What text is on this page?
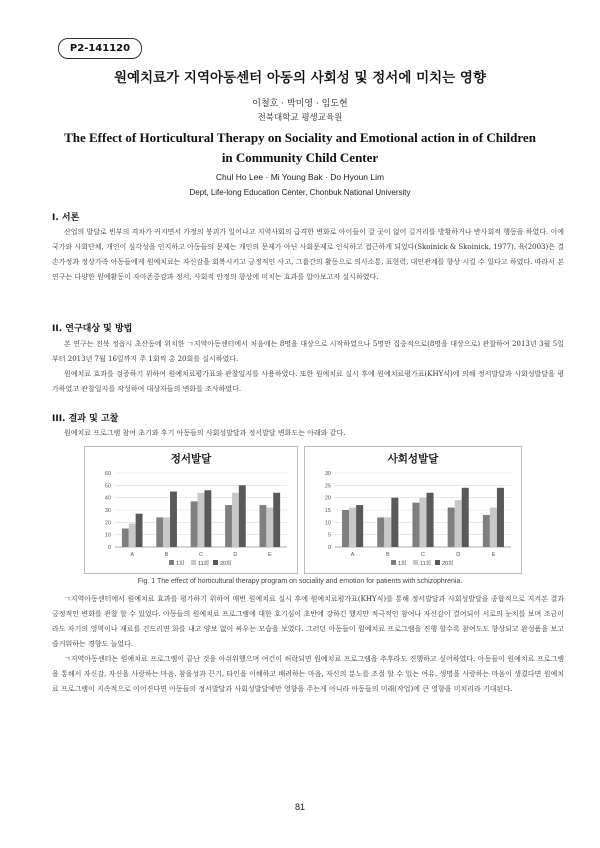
P2-141120
원예치료가 지역아동센터 아동의 사회성 및 정서에 미치는 영향
이철호 · 박미영 · 임도현
전북대학교 평생교육원
The Effect of Horticultural Therapy on Sociality and Emotional action in of Children in Community Child Center
Chul Ho Lee · Mi Young Bak · Do Hyoun Lim
Dept, Life-long Education Center, Chonbuk National University
I. 서론

산업의 발달로 빈부의 격차가 커지면서 가정의 붕괴가 일어나고 지역사회의 급격한 변화로 아이들이 갈 곳이 없어 길거리를 방황하거나 반사회적 행동을 하였다. 이에 국가와 사회단체, 개인이 심각성을 인지하고 아동들의 문제는 개인의 문제가 아닌 사회문제로 인식하고 접근하게 되었다(Skoinick & Skoinick, 1977). 육(2003)은 결손가정과 정상가족 아동들에게 원예치료는 자신감을 회복시키고 긍정적인 사고, 그룹간의 활동으로 의사소통, 표현력, 대인관계를 향상 시킬 수 있다고 하였다. 따라서 본 연구는 다양한 원예활동이 자아존중감과 정서, 사회적 안정의 향상에 미치는 효과를 알아보고자 실시하였다.

II. 연구대상 및 방법

본 연구는 전북 정읍시 초산동에 위치한 ㄱ지역아동센터에서 처음에는 8명을 대상으로 시작하였으나 5명만 집중적으로(8명을 대상으로) 관찰하여 2013년 3월 5일부터 2013년 7월 16일까지 주 1회씩 총 20회를 실시하였다.

원예치료 효과를 검증하기 위하여 원예치료평가표와 관찰일지를 사용하였다. 또한 원예치료 실시 후에 원예치료평가표(KHY식)에 의해 정서발달과 사회성발달을 평가하였고 관찰일지를 작성하여 대상자들의 변화를 조사하였다.

III. 결과 및 고찰

원예치료 프로그램 참여 초기와 후기 아동들의 사회성발달과 정서발달 변화도는 아래와 같다.

정서발달
0
10
20
30
40
50
60
A	B	C	D	E
1회 11회 20회
사회성발달
0
5
10
15
20
25
30
A	B	C	D	E
1회 11회 20회
Fig. 1 The effect of horticultural therapy program on sociality and emotion for patients with schizophrenia.

ㄱ지역아동센터에서 원예치료 효과를 평가하기 위하여 매번 원예치료 실시 후에 원예치료평가표(KHY식)를 통해 정서발달과 사회성발달을 종합적으로 지켜본 결과 긍정적인 변화를 관찰 할 수 있었다. 아동들의 원예치료 프로그램에 대한 호기심이 초반에 강하긴 했지만 적극적인 참여나 자신감이 결여되어 서로의 눈치를 보며 조금이라도 자기의 영역이나 재료를 건드리면 화를 내고 양보 없이 싸우는 모습을 보였다. 그러던 아동들이 원예치료 프로그램을 진행 할수록 참여도도 향상되고 완성품을 보고 즐거워하는 경향도 늘었다.

ㄱ지역아동센터는 원예치료 프로그램이 끝난 것을 아쉬워했으며 여건이 허락되면 원예치료 프로그램을 추후라도 진행하고 싶어하였다. 아동들이 원예치료 프로그램을 통해서 자신감, 자신을 사랑하는 마음, 참을성과 끈기, 타인을 이해하고 배려하는 마음, 자신의 분노를 조절 할 수 있는 여유, 생명을 사랑하는 마음이 생겼다면 원예치료 프로그램이 지속적으로 이어진다면 아동들의 정서발달과 사회성발달에만 영향을 주는게 아니라 아동들의 미래(작업)에 큰 영향을 미치리라 기대된다.

81
